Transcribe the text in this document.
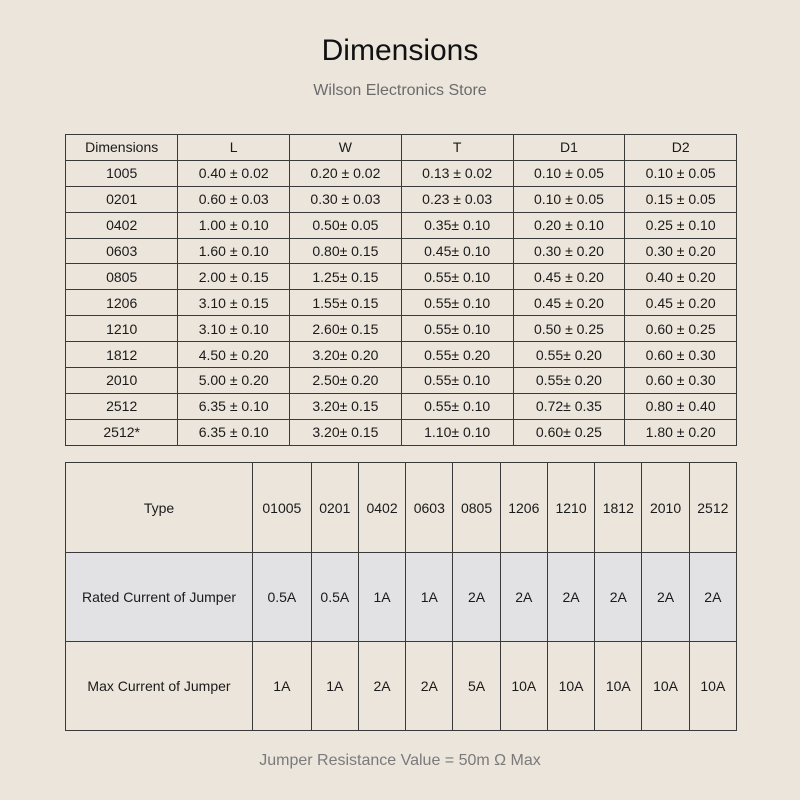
Dimensions
Wilson Electronics Store
Dimensions	L	W	T	D1	D2
1005	0.40 ± 0.02	0.20 ± 0.02	0.13 ± 0.02	0.10 ± 0.05	0.10 ± 0.05
0201	0.60 ± 0.03	0.30 ± 0.03	0.23 ± 0.03	0.10 ± 0.05	0.15 ± 0.05
0402	1.00 ± 0.10	0.50± 0.05	0.35± 0.10	0.20 ± 0.10	0.25 ± 0.10
0603	1.60 ± 0.10	0.80± 0.15	0.45± 0.10	0.30 ± 0.20	0.30 ± 0.20
0805	2.00 ± 0.15	1.25± 0.15	0.55± 0.10	0.45 ± 0.20	0.40 ± 0.20
1206	3.10 ± 0.15	1.55± 0.15	0.55± 0.10	0.45 ± 0.20	0.45 ± 0.20
1210	3.10 ± 0.10	2.60± 0.15	0.55± 0.10	0.50 ± 0.25	0.60 ± 0.25
1812	4.50 ± 0.20	3.20± 0.20	0.55± 0.20	0.55± 0.20	0.60 ± 0.30
2010	5.00 ± 0.20	2.50± 0.20	0.55± 0.10	0.55± 0.20	0.60 ± 0.30
2512	6.35 ± 0.10	3.20± 0.15	0.55± 0.10	0.72± 0.35	0.80 ± 0.40
2512*	6.35 ± 0.10	3.20± 0.15	1.10± 0.10	0.60± 0.25	1.80 ± 0.20
Type	01005	0201	0402	0603	0805	1206	1210	1812	2010	2512
Rated Current of Jumper	0.5A	0.5A	1A	1A	2A	2A	2A	2A	2A	2A
Max Current of Jumper	1A	1A	2A	2A	5A	10A	10A	10A	10A	10A
Jumper Resistance Value = 50m Ω Max
